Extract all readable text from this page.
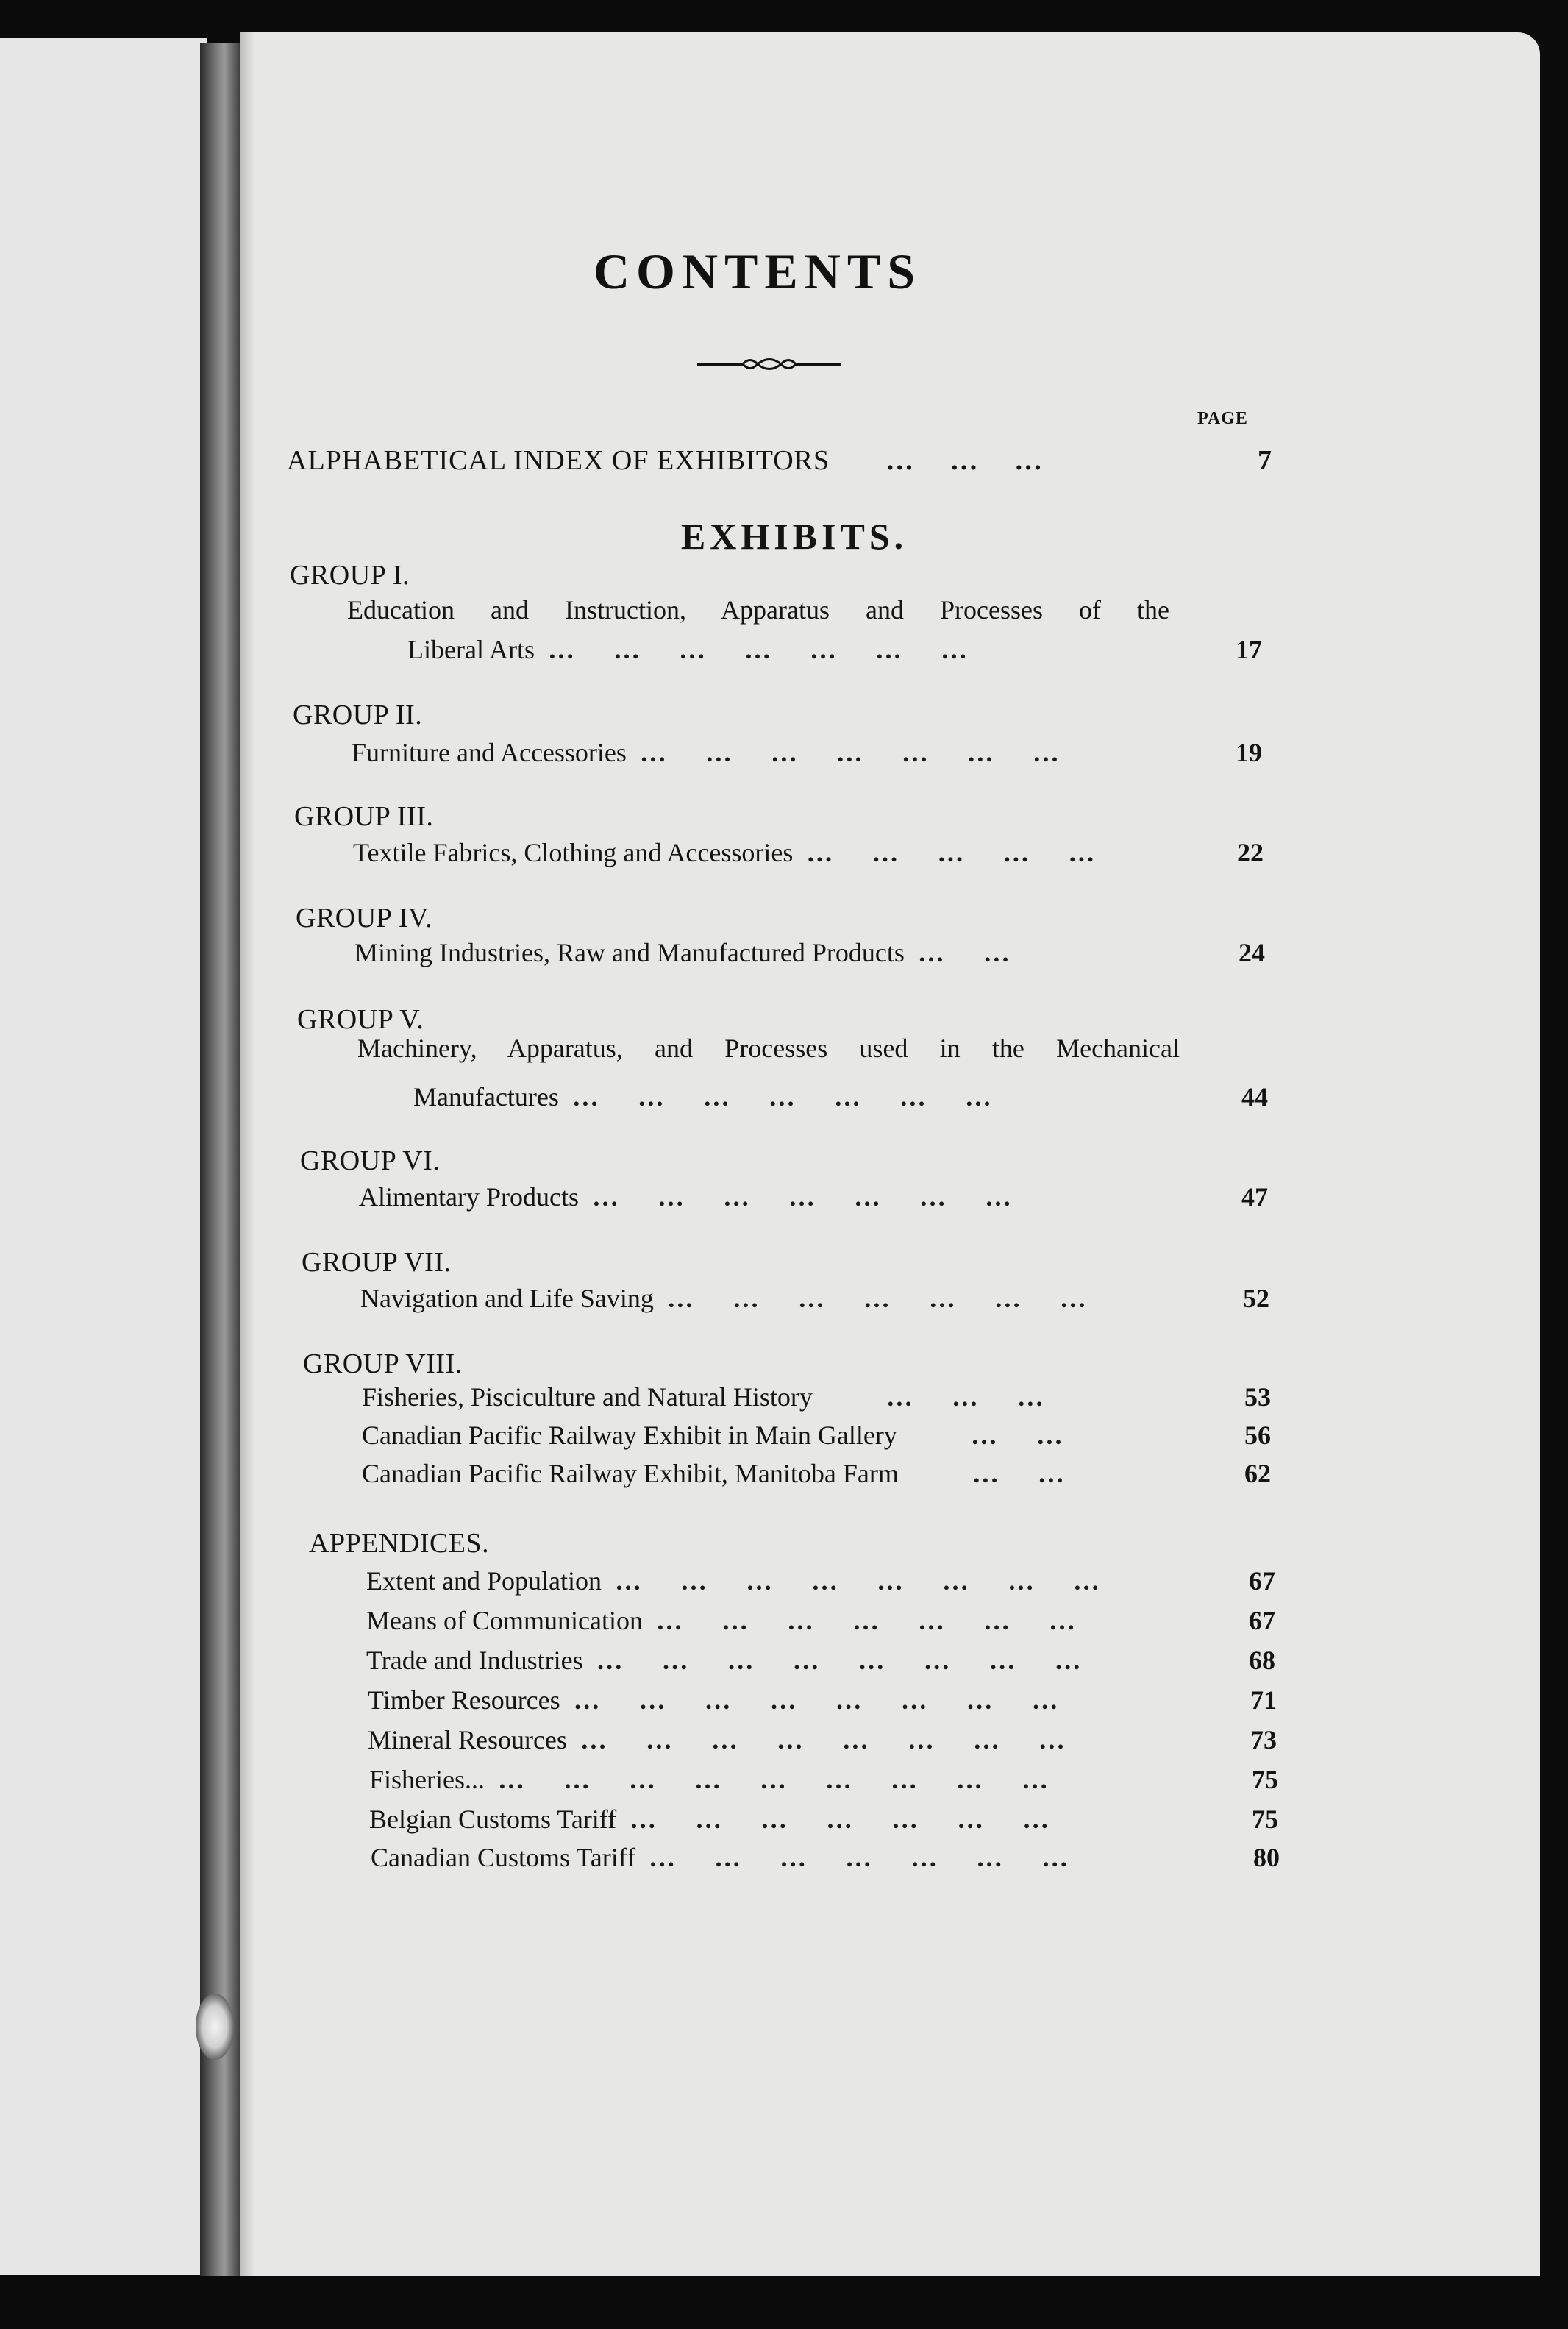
CONTENTS
PAGE
ALPHABETICAL INDEX OF EXHIBITORS	… … …	7
EXHIBITS.
GROUP I.
Education and Instruction, Apparatus and Processes of the
Liberal Arts … … … … … … …	17
GROUP II.
Furniture and Accessories … … … … … … …	19
GROUP III.
Textile Fabrics, Clothing and Accessories … … … … …	22
GROUP IV.
Mining Industries, Raw and Manufactured Products … …	24
GROUP V.
Machinery, Apparatus, and Processes used in the Mechanical
Manufactures … … … … … … …	44
GROUP VI.
Alimentary Products … … … … … … …	47
GROUP VII.
Navigation and Life Saving … … … … … … …	52
GROUP VIII.
Fisheries, Pisciculture and Natural History	… … …	53
Canadian Pacific Railway Exhibit in Main Gallery	… …	56
Canadian Pacific Railway Exhibit, Manitoba Farm	… …	62
APPENDICES.
Extent and Population … … … … … … … …	67
Means of Communication … … … … … … …	67
Trade and Industries … … … … … … … …	68
Timber Resources … … … … … … … …	71
Mineral Resources … … … … … … … …	73
Fisheries... … … … … … … … … …	75
Belgian Customs Tariff … … … … … … …	75
Canadian Customs Tariff … … … … … … …	80
